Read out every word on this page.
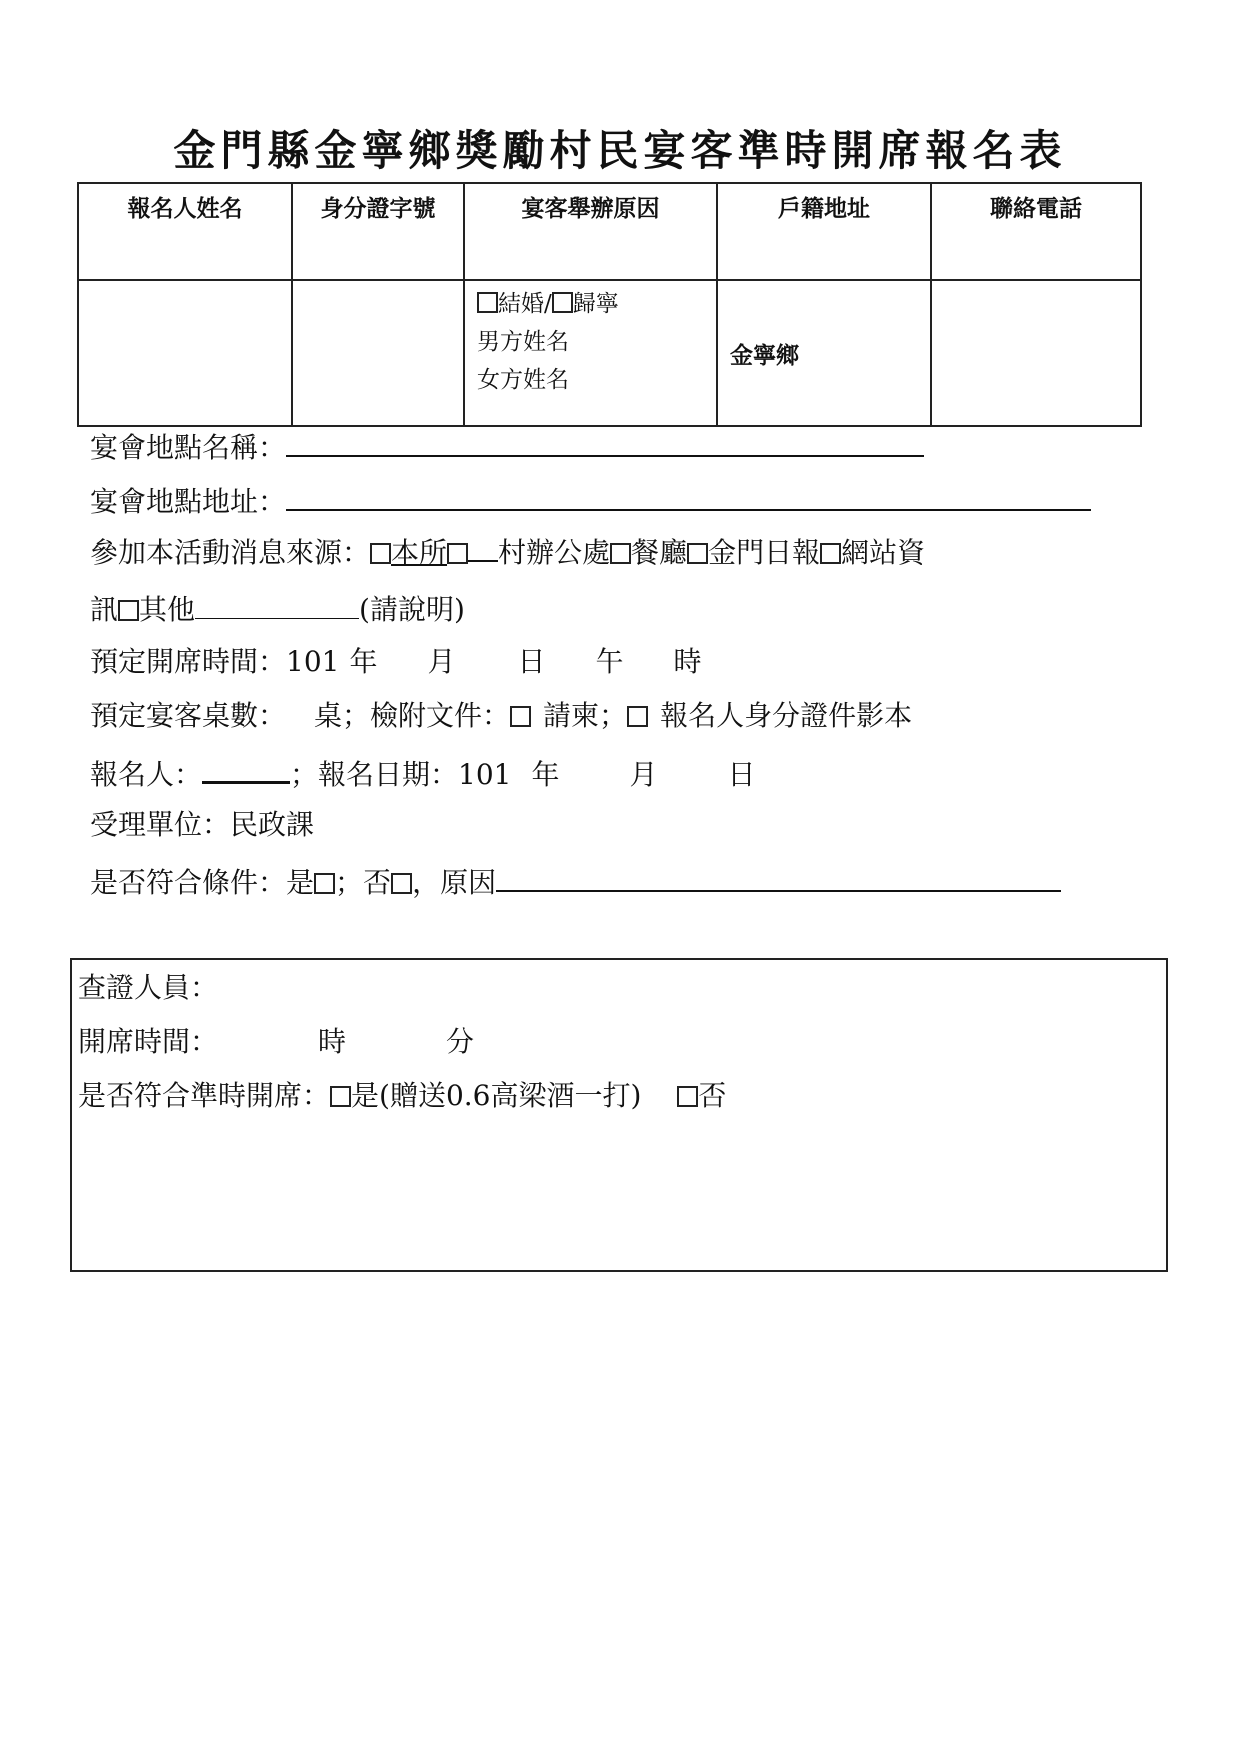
金門縣金寧鄉獎勵村民宴客準時開席報名表
報名人姓名	身分證字號	宴客舉辦原因	戶籍地址	聯絡電話

		結婚/ 歸寧
男方姓名
女方姓名	金寧鄉	
宴會地點名稱：
宴會地點地址：
參加本活動消息來源： 本所 村辦公處 餐廳 金門日報 網站資
訊 其他	(請說明)
預定開席時間：101 年 月 日 午 時
預定宴客桌數： 桌；檢附文件： 請柬； 報名人身分證件影本
報名人：	；報名日期：101 年	月	日
受理單位：民政課
是否符合條件：是 ；否 ，原因
查證人員：
開席時間：	時	分
是否符合準時開席： 是(贈送0.6高梁酒一打) 否
